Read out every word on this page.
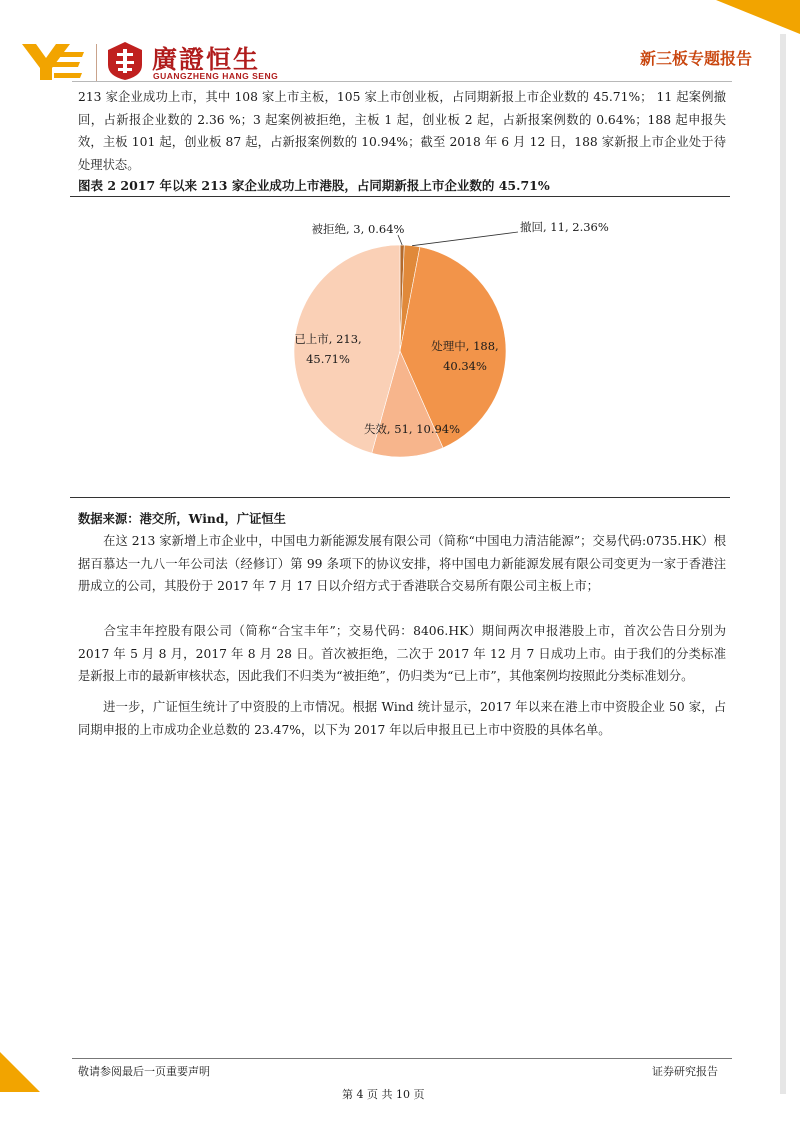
廣證恒生
GUANGZHENG HANG SENG
新三板专题报告
213 家企业成功上市，其中 108 家上市主板，105 家上市创业板，占同期新报上市企业数的 45.71%； 11 起案例撤回，占新报企业数的 2.36 %；3 起案例被拒绝，主板 1 起，创业板 2 起，占新报案例数的 0.64%；188 起申报失效，主板 101 起，创业板 87 起，占新报案例数的 10.94%；截至 2018 年 6 月 12 日，188 家新报上市企业处于待处理状态。
图表 2 2017 年以来 213 家企业成功上市港股，占同期新报上市企业数的 45.71%
被拒绝, 3, 0.64%	撤回, 11, 2.36%
处理中, 188, 40.34%
失效, 51, 10.94%
已上市, 213, 45.71%
数据来源：港交所，Wind，广证恒生
在这 213 家新增上市企业中，中国电力新能源发展有限公司（简称“中国电力清洁能源”；交易代码:0735.HK）根据百慕达一九八一年公司法（经修订）第 99 条项下的协议安排，将中国电力新能源发展有限公司变更为一家于香港注册成立的公司，其股份于 2017 年 7 月 17 日以介绍方式于香港联合交易所有限公司主板上市；
合宝丰年控股有限公司（简称“合宝丰年”；交易代码：8406.HK）期间两次申报港股上市，首次公告日分别为 2017 年 5 月 8 月，2017 年 8 月 28 日。首次被拒绝，二次于 2017 年 12 月 7 日成功上市。由于我们的分类标准是新报上市的最新审核状态，因此我们不归类为“被拒绝”，仍归类为“已上市”，其他案例均按照此分类标准划分。
进一步，广证恒生统计了中资股的上市情况。根据 Wind 统计显示，2017 年以来在港上市中资股企业 50 家，占同期申报的上市成功企业总数的 23.47%，以下为 2017 年以后申报且已上市中资股的具体名单。
敬请参阅最后一页重要声明	证券研究报告
第 4 页 共 10 页
